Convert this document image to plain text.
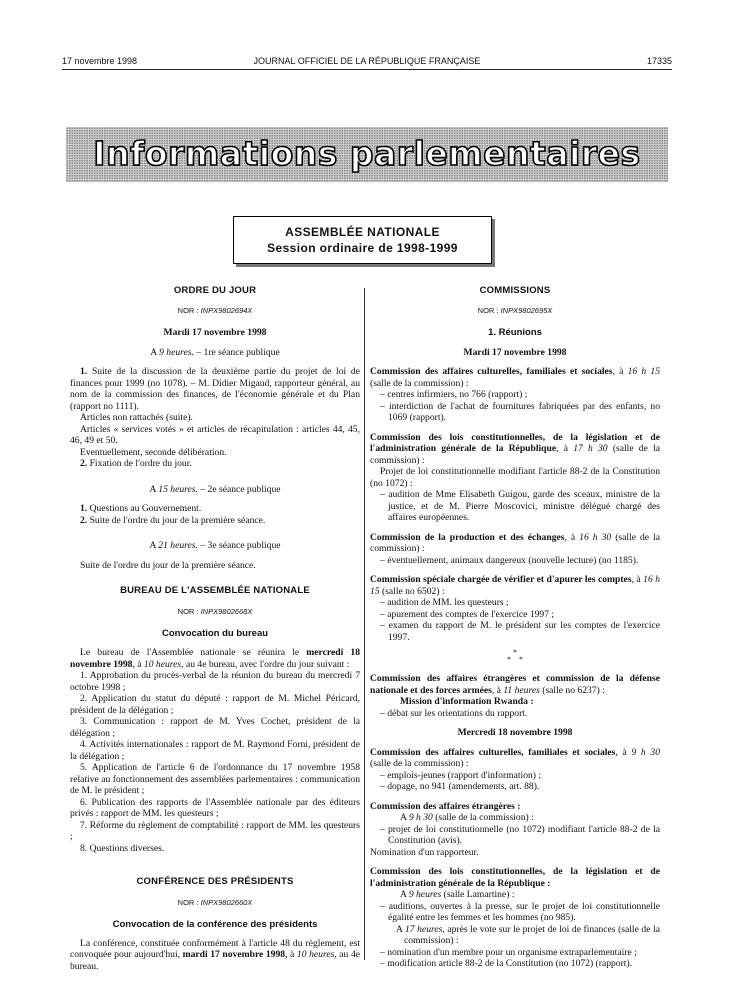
17 novembre 1998	JOURNAL OFFICIEL DE LA RÉPUBLIQUE FRANÇAISE	17335
Informations parlementaires
ASSEMBLÉE NATIONALE
Session ordinaire de 1998-1999
ORDRE DU JOUR
NOR : INPX9802694X
Mardi 17 novembre 1998
A 9 heures. – 1re séance publique

1. Suite de la discussion de la deuxième partie du projet de loi de finances pour 1999 (no 1078). – M. Didier Migaud, rapporteur général, au nom de la commission des finances, de l'économie générale et du Plan (rapport no 1111).

Articles non rattachés (suite).

Articles « services votés » et articles de récapitulation : articles 44, 45, 46, 49 et 50.

Eventuellement, seconde délibération.

2. Fixation de l'ordre du jour.

A 15 heures. – 2e séance publique

1. Questions au Gouvernement.

2. Suite de l'ordre du jour de la première séance.

A 21 heures. – 3e séance publique

Suite de l'ordre du jour de la première séance.

BUREAU DE L'ASSEMBLÉE NATIONALE
NOR : INPX9802668X
Convocation du bureau

Le bureau de l'Assemblée nationale se réunira le mercredi 18 novembre 1998, à 10 heures, au 4e bureau, avec l'ordre du jour suivant :

1. Approbation du procès-verbal de la réunion du bureau du mercredi 7 octobre 1998 ;

2. Application du statut du député : rapport de M. Michel Péricard, président de la délégation ;

3. Communication : rapport de M. Yves Cochet, président de la délégation ;

4. Activités internationales : rapport de M. Raymond Forni, président de la délégation ;

5. Application de l'article 6 de l'ordonnance du 17 novembre 1958 relative au fonctionnement des assemblées parlementaires : communication de M. le président ;

6. Publication des rapports de l'Assemblée nationale par des éditeurs privés : rapport de MM. les questeurs ;

7. Réforme du règlement de comptabilité : rapport de MM. les questeurs ;

8. Questions diverses.

CONFÉRENCE DES PRÉSIDENTS
NOR : INPX9802660X
Convocation de la conférence des présidents

La conférence, constituée conformément à l'article 48 du règlement, est convoquée pour aujourd'hui, mardi 17 novembre 1998, à 10 heures, au 4e bureau.

COMMISSIONS
NOR : INPX9802695X
1. Réunions
Mardi 17 novembre 1998

Commission des affaires culturelles, familiales et sociales, à 16 h 15 (salle de la commission) :

– centres infirmiers, no 766 (rapport) ;

– interdiction de l'achat de fournitures fabriquées par des enfants, no 1069 (rapport).

Commission des lois constitutionnelles, de la législation et de l'administration générale de la République, à 17 h 30 (salle de la commission) :

Projet de loi constitutionnelle modifiant l'article 88-2 de la Constitution (no 1072) :

– audition de Mme Elisabeth Guigou, garde des sceaux, ministre de la justice, et de M. Pierre Moscovici, ministre délégué chargé des affaires européennes.

Commission de la production et des échanges, à 16 h 30 (salle de la commission) :

– éventuellement, animaux dangereux (nouvelle lecture) (no 1185).

Commission spéciale chargée de vérifier et d'apurer les comptes, à 16 h 15 (salle no 6502) :

– audition de MM. les questeurs ;

– apurement des comptes de l'exercice 1997 ;

– examen du rapport de M. le président sur les comptes de l'exercice 1997.

*
* *

Commission des affaires étrangères et commission de la défense nationale et des forces armées, à 11 heures (salle no 6237) :

Mission d'information Rwanda :

– débat sur les orientations du rapport.

Mercredi 18 novembre 1998

Commission des affaires culturelles, familiales et sociales, à 9 h 30 (salle de la commission) :

– emplois-jeunes (rapport d'information) ;

– dopage, no 941 (amendements, art. 88).

Commission des affaires étrangères :

A 9 h 30 (salle de la commission) :

– projet de loi constitutionnelle (no 1072) modifiant l'article 88-2 de la Constitution (avis).

Nomination d'un rapporteur.

Commission des lois constitutionnelles, de la législation et de l'administration générale de la République :

A 9 heures (salle Lamartine) :

– auditions, ouvertes à la presse, sur le projet de loi constitutionnelle égalité entre les femmes et les hommes (no 985).

A 17 heures, après le vote sur le projet de loi de finances (salle de la commission) :

– nomination d'un membre pour un organisme extraparlementaire ;

– modification article 88-2 de la Constitution (no 1072) (rapport).
